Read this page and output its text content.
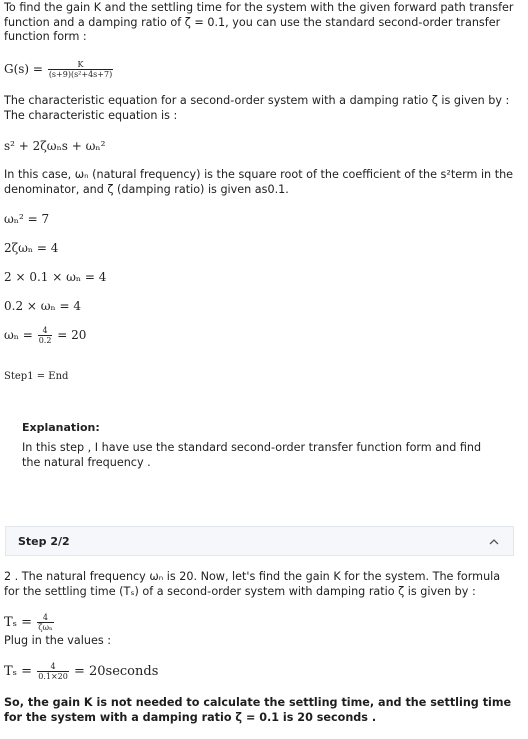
To find the gain K and the settling time for the system with the given forward path transfer function and a damping ratio of ζ = 0.1, you can use the standard second-order transfer function form :

$G(s) = \frac{K}{\text{(s+9)(s²+4s+7)}}$

The characteristic equation for a second-order system with a damping ratio ζ is given by :
The characteristic equation is :

s² + 2ζωₙs + ωₙ²

In this case, ωₙ (natural frequency) is the square root of the coefficient of the s²term in the denominator, and ζ (damping ratio) is given as0.1.

ωₙ² = 7
2ζωₙ = 4
2 × 0.1 × ωₙ = 4
0.2 × ωₙ = 4
$\omega_n = \frac{4}{0.2} = 20$
Step1 = End
Explanation:

In this step , I have use the standard second-order transfer function form and find the natural frequency .

Step 2/2

2 . The natural frequency ωₙ is 20. Now, let's find the gain K for the system. The formula for the settling time (Tₛ) of a second-order system with damping ratio ζ is given by :

$T_s = \frac{4}{\text{ζωₙ}}$

Plug in the values :

$T_s = \frac{4}{0.1\times 20}$ = 20seconds

So, the gain K is not needed to calculate the settling time, and the settling time for the system with a damping ratio ζ = 0.1 is 20 seconds .
